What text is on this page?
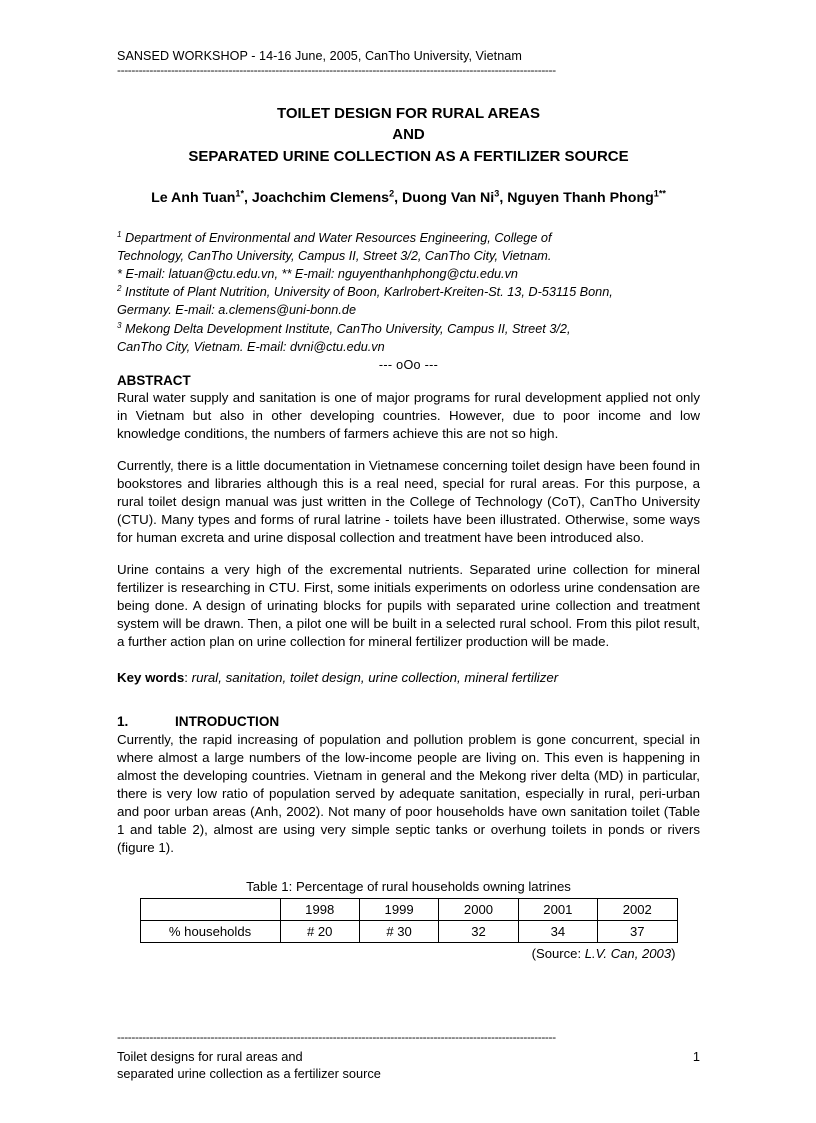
SANSED WORKSHOP - 14-16 June, 2005, CanTho University, Vietnam
--------------------------------------------------------------------------------------------------------------------------
TOILET DESIGN FOR RURAL AREAS
AND
SEPARATED URINE COLLECTION AS A FERTILIZER SOURCE
Le Anh Tuan$^{1*}$, Joachchim Clemens$^2$, Duong Van Ni$^3$, Nguyen Thanh Phong$^{1**}$
$^1$ Department of Environmental and Water Resources Engineering, College of
Technology, CanTho University, Campus II, Street 3/2, CanTho City, Vietnam.
* E-mail: latuan@ctu.edu.vn, ** E-mail: nguyenthanhphong@ctu.edu.vn
$^2$ Institute of Plant Nutrition, University of Boon, Karlrobert-Kreiten-St. 13, D-53115 Bonn,
Germany. E-mail: a.clemens@uni-bonn.de
$^3$ Mekong Delta Development Institute, CanTho University, Campus II, Street 3/2,
CanTho City, Vietnam. E-mail: dvni@ctu.edu.vn
--- oOo ---
ABSTRACT

Rural water supply and sanitation is one of major programs for rural development applied not only in Vietnam but also in other developing countries. However, due to poor income and low knowledge conditions, the numbers of farmers achieve this are not so high.

Currently, there is a little documentation in Vietnamese concerning toilet design have been found in bookstores and libraries although this is a real need, special for rural areas. For this purpose, a rural toilet design manual was just written in the College of Technology (CoT), CanTho University (CTU). Many types and forms of rural latrine - toilets have been illustrated. Otherwise, some ways for human excreta and urine disposal collection and treatment have been introduced also.

Urine contains a very high of the excremental nutrients. Separated urine collection for mineral fertilizer is researching in CTU. First, some initials experiments on odorless urine condensation are being done. A design of urinating blocks for pupils with separated urine collection and treatment system will be drawn. Then, a pilot one will be built in a selected rural school. From this pilot result, a further action plan on urine collection for mineral fertilizer production will be made.

Key words: rural, sanitation, toilet design, urine collection, mineral fertilizer
1.	INTRODUCTION

Currently, the rapid increasing of population and pollution problem is gone concurrent, special in where almost a large numbers of the low-income people are living on. This even is happening in almost the developing countries. Vietnam in general and the Mekong river delta (MD) in particular, there is very low ratio of population served by adequate sanitation, especially in rural, peri-urban and poor urban areas (Anh, 2002). Not many of poor households have own sanitation toilet (Table 1 and table 2), almost are using very simple septic tanks or overhung toilets in ponds or rivers (figure 1).

Table 1: Percentage of rural households owning latrines
	1998	1999	2000	2001	2002
% households	# 20	# 30	32	34	37
(Source: L.V. Can, 2003)
--------------------------------------------------------------------------------------------------------------------------
Toilet designs for rural areas and
separated urine collection as a fertilizer source
1
